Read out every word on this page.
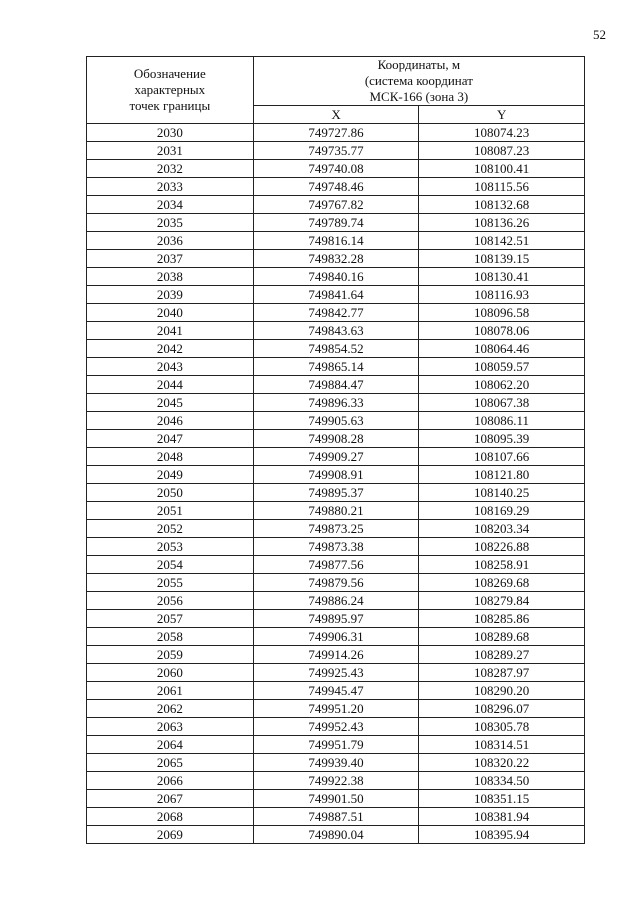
52
Обозначение
характерных
точек границы	Координаты, м
(система координат
МСК-166 (зона 3)	

	X	Y
2030	749727.86	108074.23
2031	749735.77	108087.23
2032	749740.08	108100.41
2033	749748.46	108115.56
2034	749767.82	108132.68
2035	749789.74	108136.26
2036	749816.14	108142.51
2037	749832.28	108139.15
2038	749840.16	108130.41
2039	749841.64	108116.93
2040	749842.77	108096.58
2041	749843.63	108078.06
2042	749854.52	108064.46
2043	749865.14	108059.57
2044	749884.47	108062.20
2045	749896.33	108067.38
2046	749905.63	108086.11
2047	749908.28	108095.39
2048	749909.27	108107.66
2049	749908.91	108121.80
2050	749895.37	108140.25
2051	749880.21	108169.29
2052	749873.25	108203.34
2053	749873.38	108226.88
2054	749877.56	108258.91
2055	749879.56	108269.68
2056	749886.24	108279.84
2057	749895.97	108285.86
2058	749906.31	108289.68
2059	749914.26	108289.27
2060	749925.43	108287.97
2061	749945.47	108290.20
2062	749951.20	108296.07
2063	749952.43	108305.78
2064	749951.79	108314.51
2065	749939.40	108320.22
2066	749922.38	108334.50
2067	749901.50	108351.15
2068	749887.51	108381.94
2069	749890.04	108395.94
